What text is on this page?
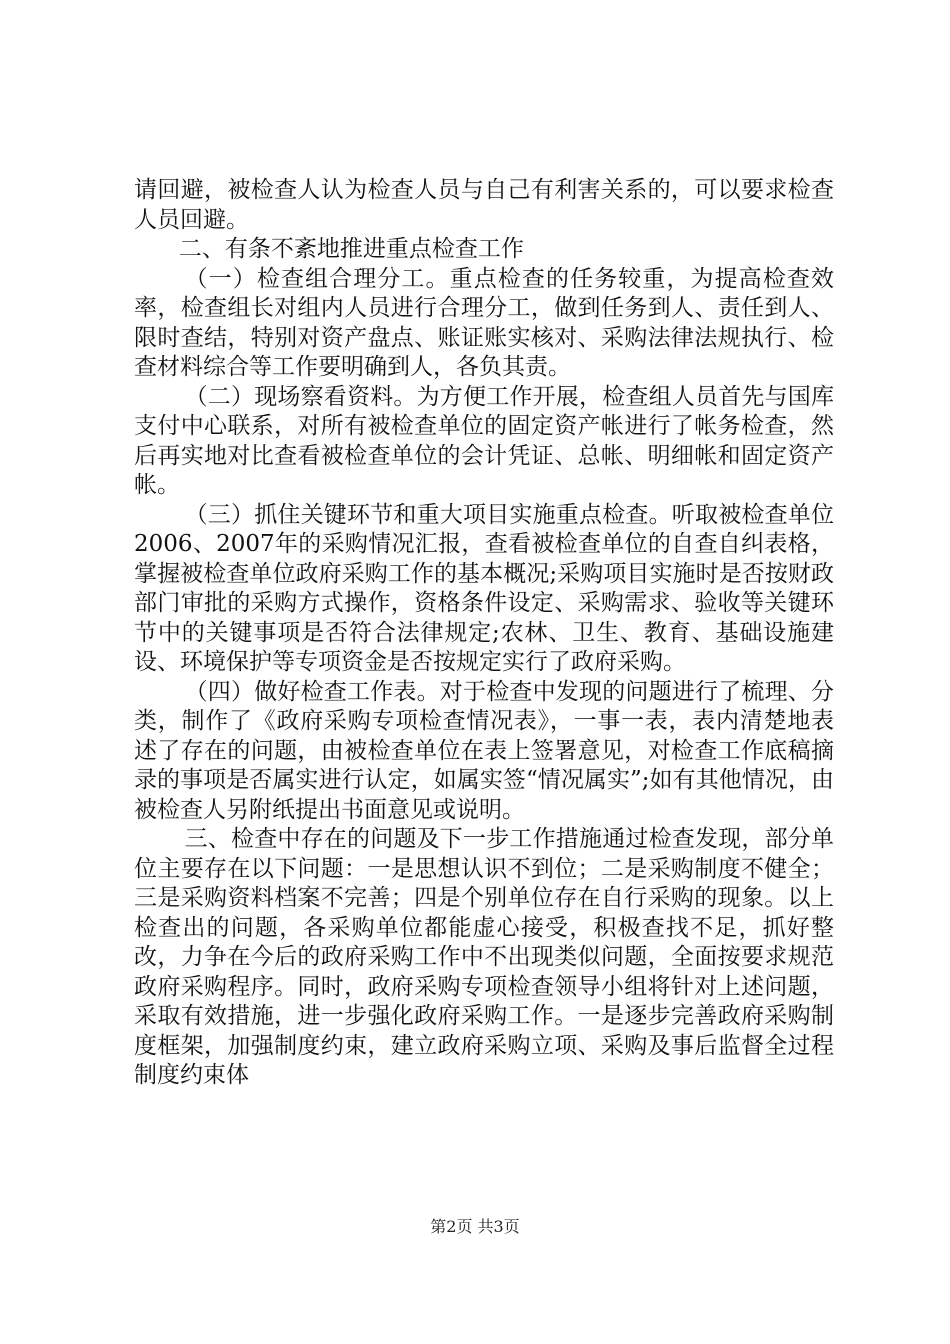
请回避，被检查人认为检查人员与自己有利害关系的，可以要求检查人员回避。

二、有条不紊地推进重点检查工作

（一）检查组合理分工。重点检查的任务较重，为提高检查效率，检查组长对组内人员进行合理分工，做到任务到人、责任到人、限时查结，特别对资产盘点、账证账实核对、采购法律法规执行、检查材料综合等工作要明确到人，各负其责。

（二）现场察看资料。为方便工作开展，检查组人员首先与国库支付中心联系，对所有被检查单位的固定资产帐进行了帐务检查，然后再实地对比查看被检查单位的会计凭证、总帐、明细帐和固定资产帐。

（三）抓住关键环节和重大项目实施重点检查。听取被检查单位2006、2007年的采购情况汇报，查看被检查单位的自查自纠表格，掌握被检查单位政府采购工作的基本概况;采购项目实施时是否按财政部门审批的采购方式操作，资格条件设定、采购需求、验收等关键环节中的关键事项是否符合法律规定;农林、卫生、教育、基础设施建设、环境保护等专项资金是否按规定实行了政府采购。

（四）做好检查工作表。对于检查中发现的问题进行了梳理、分类，制作了《政府采购专项检查情况表》，一事一表，表内清楚地表述了存在的问题，由被检查单位在表上签署意见，对检查工作底稿摘录的事项是否属实进行认定，如属实签“情况属实”;如有其他情况，由被检查人另附纸提出书面意见或说明。

三、检查中存在的问题及下一步工作措施通过检查发现，部分单位主要存在以下问题：一是思想认识不到位；二是采购制度不健全；三是采购资料档案不完善；四是个别单位存在自行采购的现象。以上检查出的问题，各采购单位都能虚心接受，积极查找不足，抓好整改，力争在今后的政府采购工作中不出现类似问题，全面按要求规范政府采购程序。同时，政府采购专项检查领导小组将针对上述问题，采取有效措施，进一步强化政府采购工作。一是逐步完善政府采购制度框架，加强制度约束，建立政府采购立项、采购及事后监督全过程制度约束体

第2页 共3页
